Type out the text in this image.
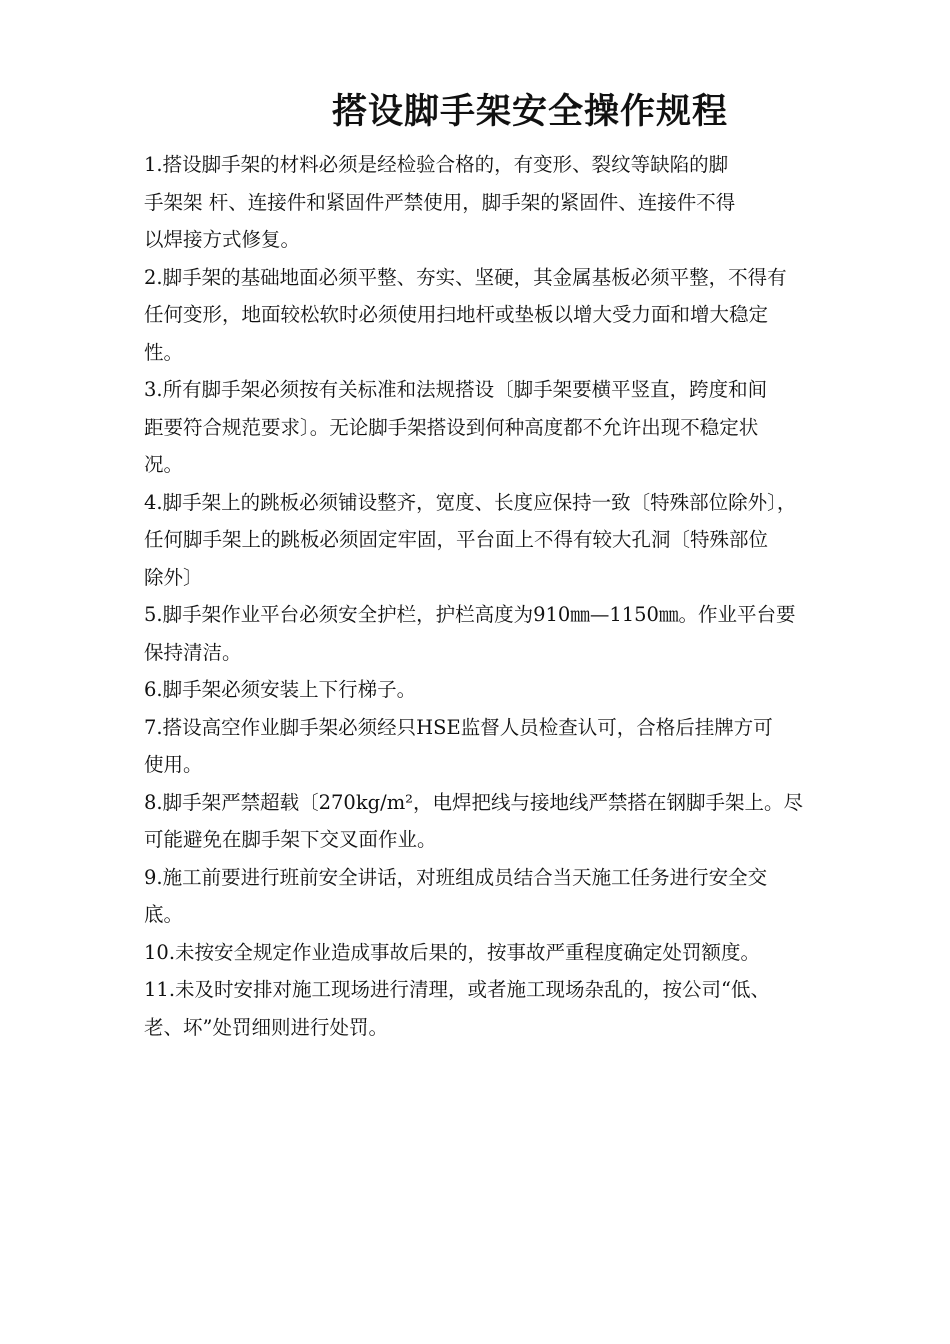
搭设脚手架安全操作规程
1.搭设脚手架的材料必须是经检验合格的，有变形、裂纹等缺陷的脚
手架架 杆、连接件和紧固件严禁使用，脚手架的紧固件、连接件不得
以焊接方式修复。
2.脚手架的基础地面必须平整、夯实、坚硬，其金属基板必须平整，不得有
任何变形，地面较松软时必须使用扫地杆或垫板以增大受力面和增大稳定
性。
3.所有脚手架必须按有关标准和法规搭设〔脚手架要横平竖直，跨度和间
距要符合规范要求〕。无论脚手架搭设到何种高度都不允许出现不稳定状
况。
4.脚手架上的跳板必须铺设整齐，宽度、长度应保持一致〔特殊部位除外〕，
任何脚手架上的跳板必须固定牢固，平台面上不得有较大孔洞〔特殊部位
除外〕
5.脚手架作业平台必须安全护栏，护栏高度为910㎜—1150㎜。作业平台要
保持清洁。
6.脚手架必须安装上下行梯子。
7.搭设高空作业脚手架必须经只HSE监督人员检查认可，合格后挂牌方可
使用。
8.脚手架严禁超载〔270kg/m²，电焊把线与接地线严禁搭在钢脚手架上。尽
可能避免在脚手架下交叉面作业。
9.施工前要进行班前安全讲话，对班组成员结合当天施工任务进行安全交
底。
10.未按安全规定作业造成事故后果的，按事故严重程度确定处罚额度。
11.未及时安排对施工现场进行清理，或者施工现场杂乱的，按公司“低、
老、坏”处罚细则进行处罚。
